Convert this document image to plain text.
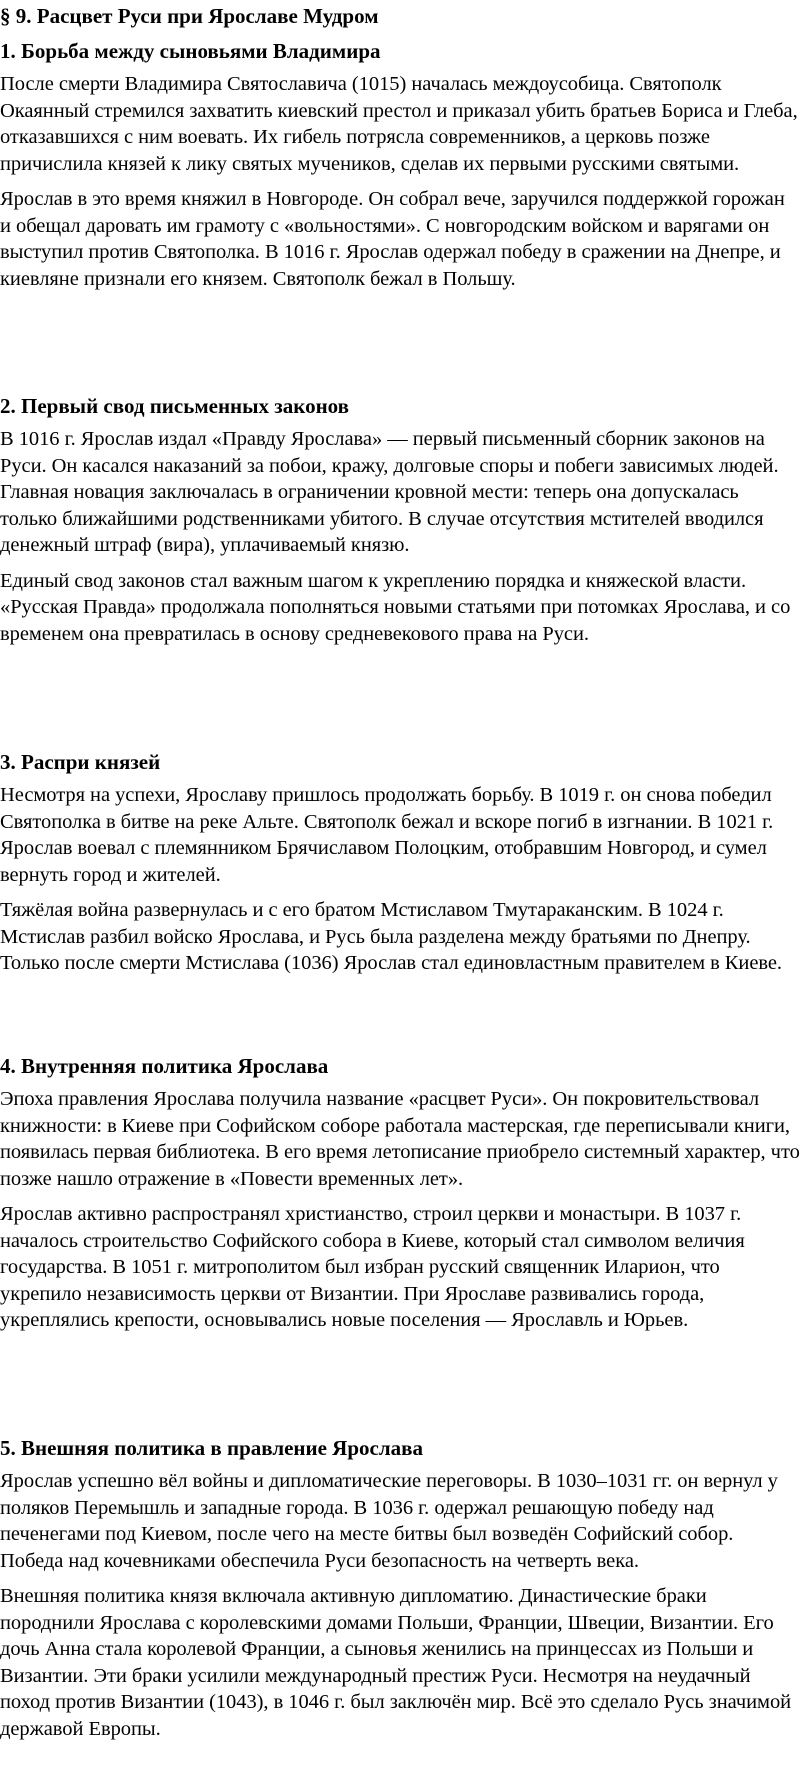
§ 9. Расцвет Руси при Ярославе Мудром
1. Борьба между сыновьями Владимира

После смерти Владимира Святославича (1015) началась междоусобица. Святополк Окаянный стремился захватить киевский престол и приказал убить братьев Бориса и Глеба, отказавшихся с ним воевать. Их гибель потрясла современников, а церковь позже причислила князей к лику святых мучеников, сделав их первыми русскими святыми.

Ярослав в это время княжил в Новгороде. Он собрал вече, заручился поддержкой горожан и обещал даровать им грамоту с «вольностями». С новгородским войском и варягами он выступил против Святополка. В 1016 г. Ярослав одержал победу в сражении на Днепре, и киевляне признали его князем. Святополк бежал в Польшу.

2. Первый свод письменных законов

В 1016 г. Ярослав издал «Правду Ярослава» — первый письменный сборник законов на Руси. Он касался наказаний за побои, кражу, долговые споры и побеги зависимых людей. Главная новация заключалась в ограничении кровной мести: теперь она допускалась только ближайшими родственниками убитого. В случае отсутствия мстителей вводился денежный штраф (вира), уплачиваемый князю.

Единый свод законов стал важным шагом к укреплению порядка и княжеской власти. «Русская Правда» продолжала пополняться новыми статьями при потомках Ярослава, и со временем она превратилась в основу средневекового права на Руси.

3. Распри князей

Несмотря на успехи, Ярославу пришлось продолжать борьбу. В 1019 г. он снова победил Святополка в битве на реке Альте. Святополк бежал и вскоре погиб в изгнании. В 1021 г. Ярослав воевал с племянником Брячиславом Полоцким, отобравшим Новгород, и сумел вернуть город и жителей.

Тяжёлая война развернулась и с его братом Мстиславом Тмутараканским. В 1024 г. Мстислав разбил войско Ярослава, и Русь была разделена между братьями по Днепру. Только после смерти Мстислава (1036) Ярослав стал единовластным правителем в Киеве.

4. Внутренняя политика Ярослава

Эпоха правления Ярослава получила название «расцвет Руси». Он покровительствовал книжности: в Киеве при Софийском соборе работала мастерская, где переписывали книги, появилась первая библиотека. В его время летописание приобрело системный характер, что позже нашло отражение в «Повести временных лет».

Ярослав активно распространял христианство, строил церкви и монастыри. В 1037 г. началось строительство Софийского собора в Киеве, который стал символом величия государства. В 1051 г. митрополитом был избран русский священник Иларион, что укрепило независимость церкви от Византии. При Ярославе развивались города, укреплялись крепости, основывались новые поселения — Ярославль и Юрьев.

5. Внешняя политика в правление Ярослава

Ярослав успешно вёл войны и дипломатические переговоры. В 1030–1031 гг. он вернул у поляков Перемышль и западные города. В 1036 г. одержал решающую победу над печенегами под Киевом, после чего на месте битвы был возведён Софийский собор. Победа над кочевниками обеспечила Руси безопасность на четверть века.

Внешняя политика князя включала активную дипломатию. Династические браки породнили Ярослава с королевскими домами Польши, Франции, Швеции, Византии. Его дочь Анна стала королевой Франции, а сыновья женились на принцессах из Польши и Византии. Эти браки усилили международный престиж Руси. Несмотря на неудачный поход против Византии (1043), в 1046 г. был заключён мир. Всё это сделало Русь значимой державой Европы.
